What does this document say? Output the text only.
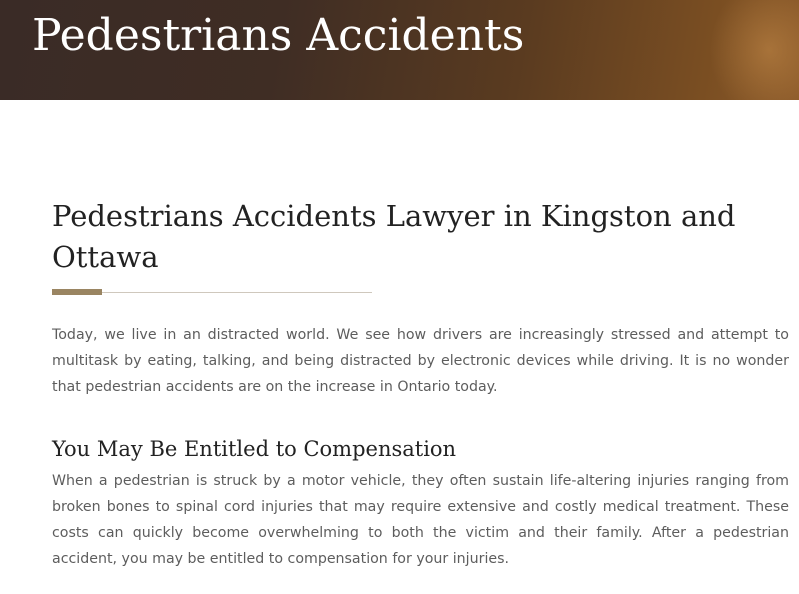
Pedestrians Accidents
Pedestrians Accidents Lawyer in Kingston and Ottawa

Today, we live in an distracted world. We see how drivers are increasingly stressed and attempt to multitask by eating, talking, and being distracted by electronic devices while driving. It is no wonder that pedestrian accidents are on the increase in Ontario today.

You May Be Entitled to Compensation

When a pedestrian is struck by a motor vehicle, they often sustain life-altering injuries ranging from broken bones to spinal cord injuries that may require extensive and costly medical treatment. These costs can quickly become overwhelming to both the victim and their family. After a pedestrian accident, you may be entitled to compensation for your injuries.
